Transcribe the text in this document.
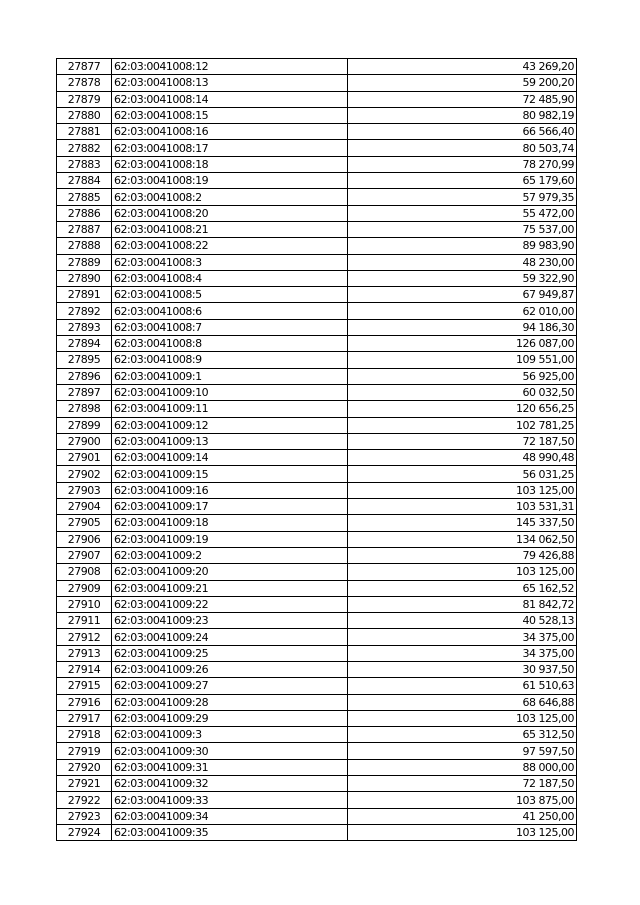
27877	62:03:0041008:12	43 269,20
27878	62:03:0041008:13	59 200,20
27879	62:03:0041008:14	72 485,90
27880	62:03:0041008:15	80 982,19
27881	62:03:0041008:16	66 566,40
27882	62:03:0041008:17	80 503,74
27883	62:03:0041008:18	78 270,99
27884	62:03:0041008:19	65 179,60
27885	62:03:0041008:2	57 979,35
27886	62:03:0041008:20	55 472,00
27887	62:03:0041008:21	75 537,00
27888	62:03:0041008:22	89 983,90
27889	62:03:0041008:3	48 230,00
27890	62:03:0041008:4	59 322,90
27891	62:03:0041008:5	67 949,87
27892	62:03:0041008:6	62 010,00
27893	62:03:0041008:7	94 186,30
27894	62:03:0041008:8	126 087,00
27895	62:03:0041008:9	109 551,00
27896	62:03:0041009:1	56 925,00
27897	62:03:0041009:10	60 032,50
27898	62:03:0041009:11	120 656,25
27899	62:03:0041009:12	102 781,25
27900	62:03:0041009:13	72 187,50
27901	62:03:0041009:14	48 990,48
27902	62:03:0041009:15	56 031,25
27903	62:03:0041009:16	103 125,00
27904	62:03:0041009:17	103 531,31
27905	62:03:0041009:18	145 337,50
27906	62:03:0041009:19	134 062,50
27907	62:03:0041009:2	79 426,88
27908	62:03:0041009:20	103 125,00
27909	62:03:0041009:21	65 162,52
27910	62:03:0041009:22	81 842,72
27911	62:03:0041009:23	40 528,13
27912	62:03:0041009:24	34 375,00
27913	62:03:0041009:25	34 375,00
27914	62:03:0041009:26	30 937,50
27915	62:03:0041009:27	61 510,63
27916	62:03:0041009:28	68 646,88
27917	62:03:0041009:29	103 125,00
27918	62:03:0041009:3	65 312,50
27919	62:03:0041009:30	97 597,50
27920	62:03:0041009:31	88 000,00
27921	62:03:0041009:32	72 187,50
27922	62:03:0041009:33	103 875,00
27923	62:03:0041009:34	41 250,00
27924	62:03:0041009:35	103 125,00
